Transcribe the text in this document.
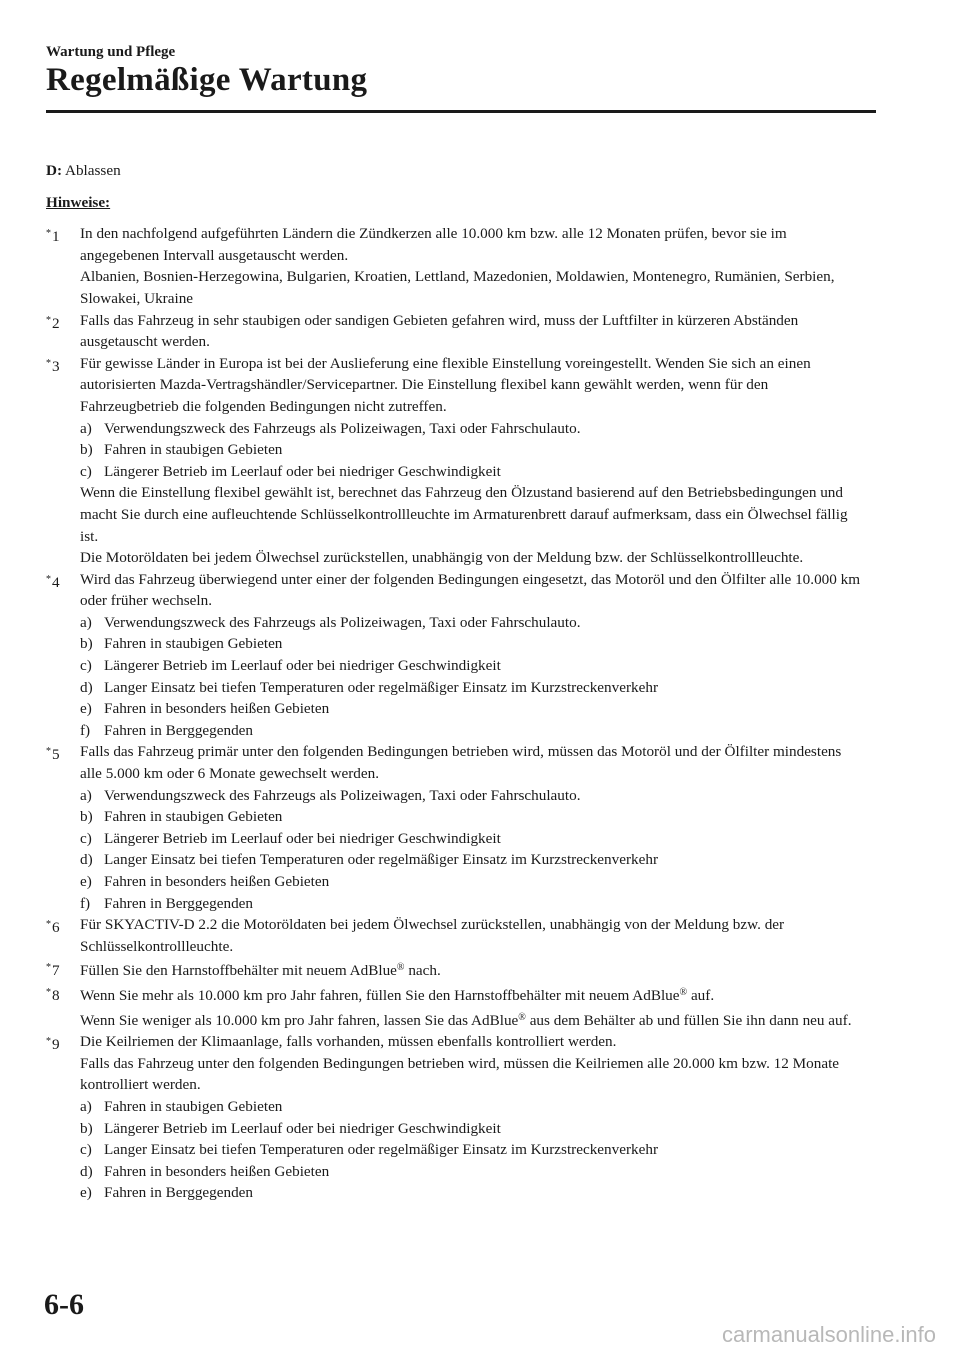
Wartung und Pflege
Regelmäßige Wartung

D: Ablassen

Hinweise:
*1	In den nachfolgend aufgeführten Ländern die Zündkerzen alle 10.000 km bzw. alle 12 Monaten prüfen, bevor sie im angegebenen Intervall ausgetauscht werden.

Albanien, Bosnien-Herzegowina, Bulgarien, Kroatien, Lettland, Mazedonien, Moldawien, Montenegro, Rumänien, Serbien, Slowakei, Ukraine

*2	Falls das Fahrzeug in sehr staubigen oder sandigen Gebieten gefahren wird, muss der Luftfilter in kürzeren Abständen ausgetauscht werden.

*3	Für gewisse Länder in Europa ist bei der Auslieferung eine flexible Einstellung voreingestellt. Wenden Sie sich an einen autorisierten Mazda-Vertragshändler/Servicepartner. Die Einstellung flexibel kann gewählt werden, wenn für den Fahrzeugbetrieb die folgenden Bedingungen nicht zutreffen.

a) Verwendungszweck des Fahrzeugs als Polizeiwagen, Taxi oder Fahrschulauto.
b) Fahren in staubigen Gebieten
c) Längerer Betrieb im Leerlauf oder bei niedriger Geschwindigkeit

Wenn die Einstellung flexibel gewählt ist, berechnet das Fahrzeug den Ölzustand basierend auf den Betriebsbedingungen und macht Sie durch eine aufleuchtende Schlüsselkontrollleuchte im Armaturenbrett darauf aufmerksam, dass ein Ölwechsel fällig ist.

Die Motoröldaten bei jedem Ölwechsel zurückstellen, unabhängig von der Meldung bzw. der Schlüsselkontrollleuchte.

*4	Wird das Fahrzeug überwiegend unter einer der folgenden Bedingungen eingesetzt, das Motoröl und den Ölfilter alle 10.000 km oder früher wechseln.

a) Verwendungszweck des Fahrzeugs als Polizeiwagen, Taxi oder Fahrschulauto.
b) Fahren in staubigen Gebieten
c) Längerer Betrieb im Leerlauf oder bei niedriger Geschwindigkeit
d) Langer Einsatz bei tiefen Temperaturen oder regelmäßiger Einsatz im Kurzstreckenverkehr
e) Fahren in besonders heißen Gebieten
f) Fahren in Berggegenden
*5	Falls das Fahrzeug primär unter den folgenden Bedingungen betrieben wird, müssen das Motoröl und der Ölfilter mindestens alle 5.000 km oder 6 Monate gewechselt werden.

a) Verwendungszweck des Fahrzeugs als Polizeiwagen, Taxi oder Fahrschulauto.
b) Fahren in staubigen Gebieten
c) Längerer Betrieb im Leerlauf oder bei niedriger Geschwindigkeit
d) Langer Einsatz bei tiefen Temperaturen oder regelmäßiger Einsatz im Kurzstreckenverkehr
e) Fahren in besonders heißen Gebieten
f) Fahren in Berggegenden
*6	Für SKYACTIV-D 2.2 die Motoröldaten bei jedem Ölwechsel zurückstellen, unabhängig von der Meldung bzw. der Schlüsselkontrollleuchte.

*7	Füllen Sie den Harnstoffbehälter mit neuem AdBlue® nach.

*8	Wenn Sie mehr als 10.000 km pro Jahr fahren, füllen Sie den Harnstoffbehälter mit neuem AdBlue® auf.

Wenn Sie weniger als 10.000 km pro Jahr fahren, lassen Sie das AdBlue® aus dem Behälter ab und füllen Sie ihn dann neu auf.

*9	Die Keilriemen der Klimaanlage, falls vorhanden, müssen ebenfalls kontrolliert werden.

Falls das Fahrzeug unter den folgenden Bedingungen betrieben wird, müssen die Keilriemen alle 20.000 km bzw. 12 Monate kontrolliert werden.

a) Fahren in staubigen Gebieten
b) Längerer Betrieb im Leerlauf oder bei niedriger Geschwindigkeit
c) Langer Einsatz bei tiefen Temperaturen oder regelmäßiger Einsatz im Kurzstreckenverkehr
d) Fahren in besonders heißen Gebieten
e) Fahren in Berggegenden
6-6
carmanualsonline.info
